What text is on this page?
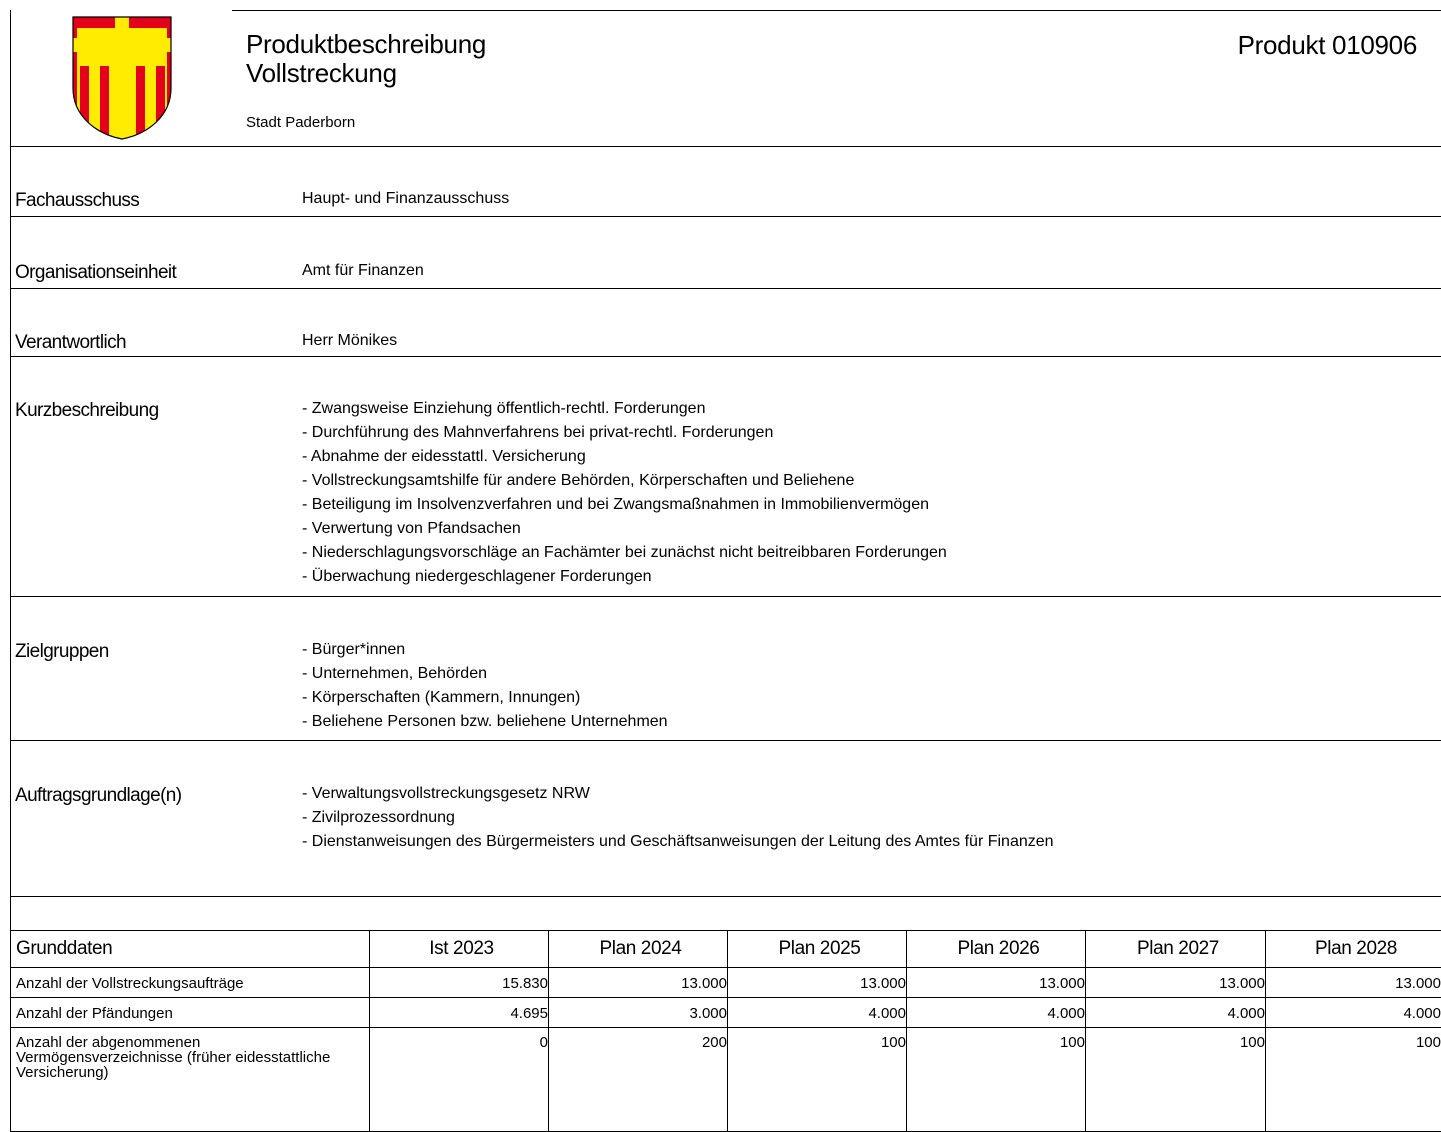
Produktbeschreibung
Vollstreckung
Stadt Paderborn
Produkt 010906
Fachausschuss	Haupt- und Finanzausschuss
Organisationseinheit	Amt für Finanzen
Verantwortlich	Herr Mönikes
Kurzbeschreibung	- Zwangsweise Einziehung öffentlich-rechtl. Forderungen
- Durchführung des Mahnverfahrens bei privat-rechtl. Forderungen
- Abnahme der eidesstattl. Versicherung
- Vollstreckungsamtshilfe für andere Behörden, Körperschaften und Beliehene
- Beteiligung im Insolvenzverfahren und bei Zwangsmaßnahmen in Immobilienvermögen
- Verwertung von Pfandsachen
- Niederschlagungsvorschläge an Fachämter bei zunächst nicht beitreibbaren Forderungen
- Überwachung niedergeschlagener Forderungen
Zielgruppen	- Bürger*innen
- Unternehmen, Behörden
- Körperschaften (Kammern, Innungen)
- Beliehene Personen bzw. beliehene Unternehmen
Auftragsgrundlage(n)	- Verwaltungsvollstreckungsgesetz NRW
- Zivilprozessordnung
- Dienstanweisungen des Bürgermeisters und Geschäftsanweisungen der Leitung des Amtes für Finanzen
Grunddaten	Ist 2023	Plan 2024	Plan 2025	Plan 2026	Plan 2027	Plan 2028
Anzahl der Vollstreckungsaufträge	15.830	13.000	13.000	13.000	13.000	13.000
Anzahl der Pfändungen	4.695	3.000	4.000	4.000	4.000	4.000
Anzahl der abgenommenen Vermögensverzeichnisse (früher eidesstattliche Versicherung)	0	200	100	100	100	100
